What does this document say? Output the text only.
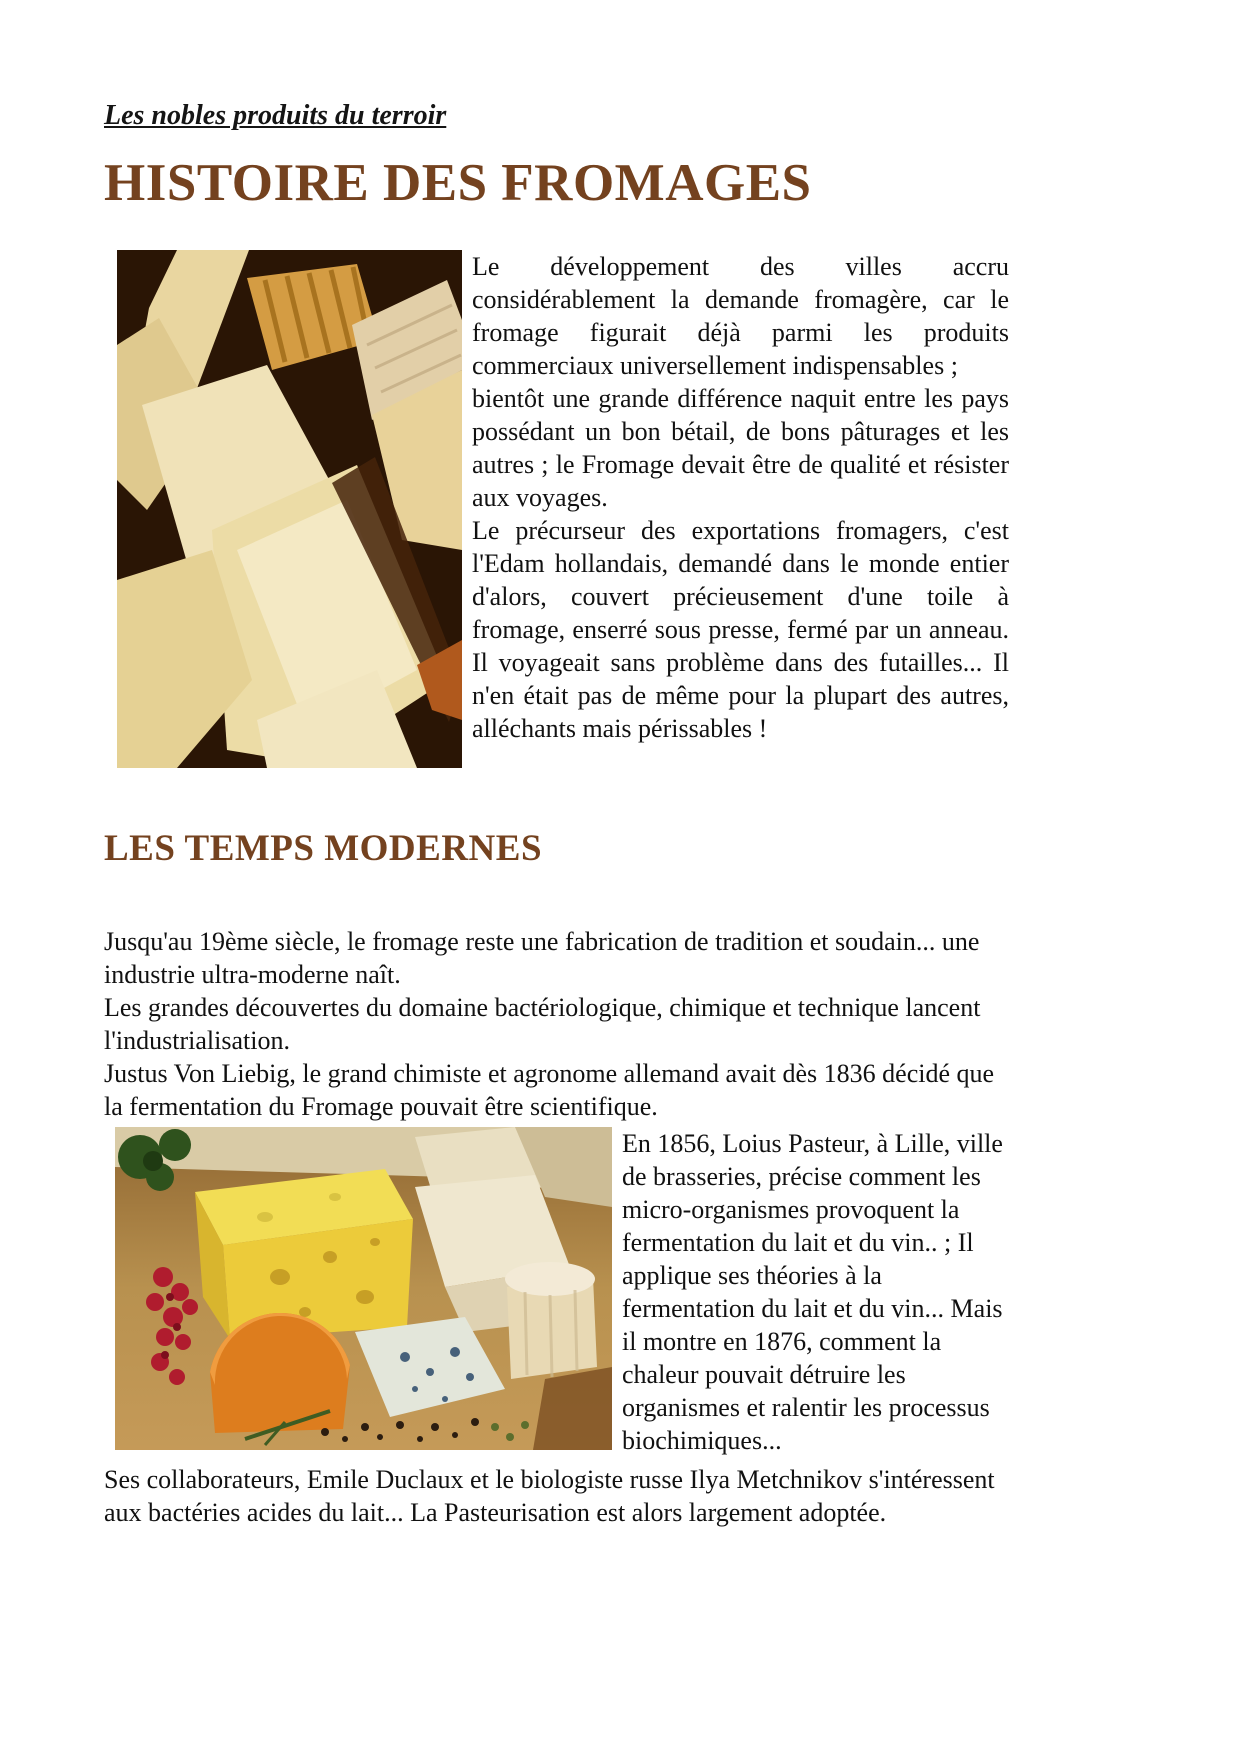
Les nobles produits du terroir
HISTOIRE DES FROMAGES

Le développement des villes accru considérablement la demande fromagère, car le fromage figurait déjà parmi les produits commerciaux universellement indispensables ;

bientôt une grande différence naquit entre les pays possédant un bon bétail, de bons pâturages et les autres ; le Fromage devait être de qualité et résister aux voyages.

Le précurseur des exportations fromagers, c'est l'Edam hollandais, demandé dans le monde entier d'alors, couvert précieusement d'une toile à fromage, enserré sous presse, fermé par un anneau. Il voyageait sans problème dans des futailles... Il n'en était pas de même pour la plupart des autres, alléchants mais périssables !

LES TEMPS MODERNES

Jusqu'au 19ème siècle, le fromage reste une fabrication de tradition et soudain... une industrie ultra-moderne naît.

Les grandes découvertes du domaine bactériologique, chimique et technique lancent l'industrialisation.

Justus Von Liebig, le grand chimiste et agronome allemand avait dès 1836 décidé que la fermentation du Fromage pouvait être scientifique.

En 1856, Loius Pasteur, à Lille, ville de brasseries, précise comment les micro-organismes provoquent la fermentation du lait et du vin.. ; Il applique ses théories à la fermentation du lait et du vin... Mais il montre en 1876, comment la chaleur pouvait détruire les organismes et ralentir les processus biochimiques...

Ses collaborateurs, Emile Duclaux et le biologiste russe Ilya Metchnikov s'intéressent aux bactéries acides du lait... La Pasteurisation est alors largement adoptée.
